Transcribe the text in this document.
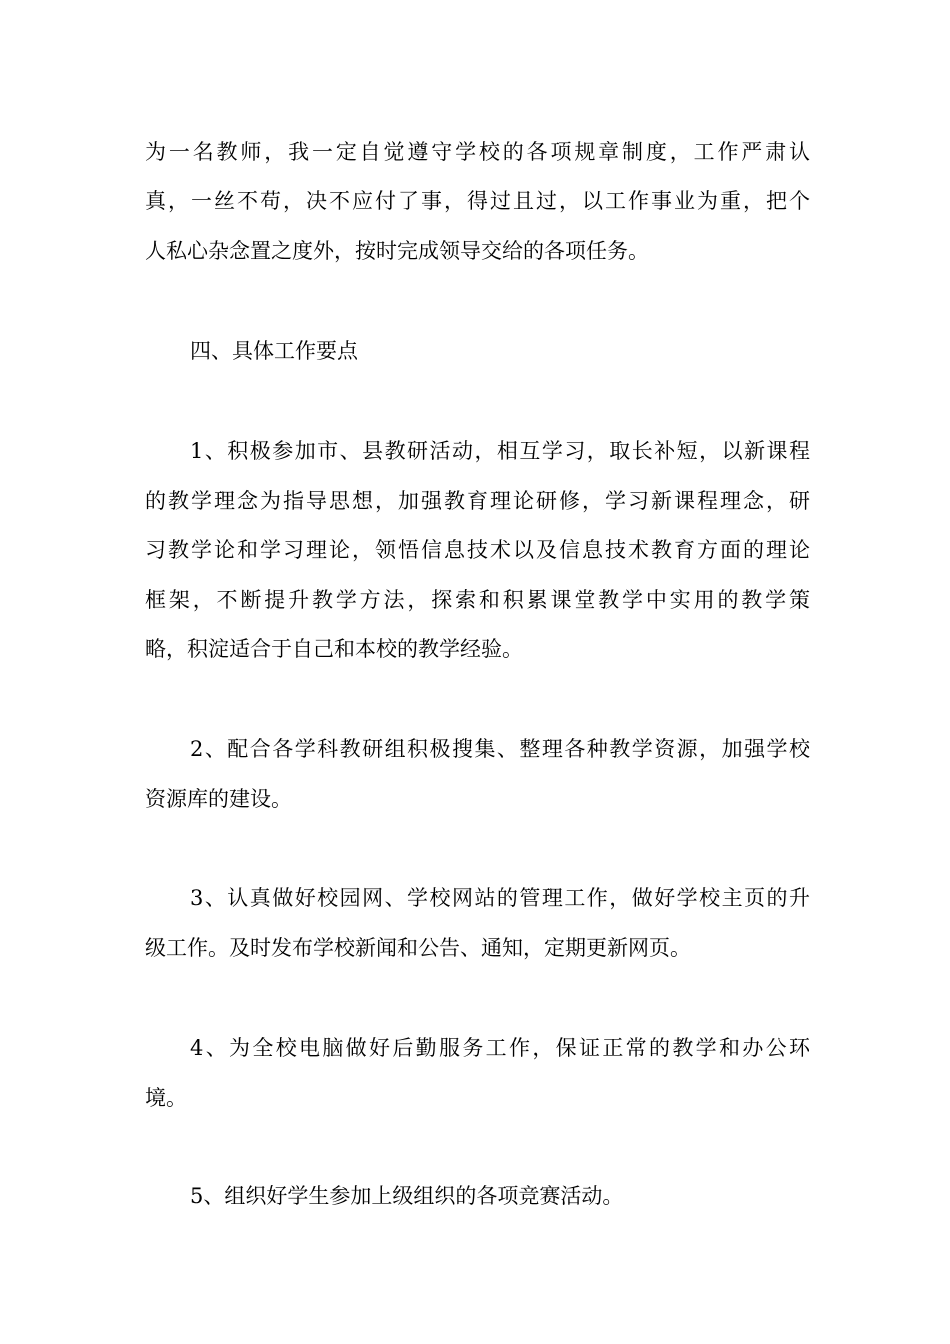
为一名教师，我一定自觉遵守学校的各项规章制度，工作严肃认
真，一丝不苟，决不应付了事，得过且过，以工作事业为重，把个
人私心杂念置之度外，按时完成领导交给的各项任务。
四、具体工作要点
1、积极参加市、县教研活动，相互学习，取长补短，以新课程
的教学理念为指导思想，加强教育理论研修，学习新课程理念，研
习教学论和学习理论，领悟信息技术以及信息技术教育方面的理论
框架，不断提升教学方法，探索和积累课堂教学中实用的教学策
略，积淀适合于自己和本校的教学经验。
2、配合各学科教研组积极搜集、整理各种教学资源，加强学校
资源库的建设。
3、认真做好校园网、学校网站的管理工作，做好学校主页的升
级工作。及时发布学校新闻和公告、通知，定期更新网页。
4、为全校电脑做好后勤服务工作，保证正常的教学和办公环
境。
5、组织好学生参加上级组织的各项竞赛活动。
